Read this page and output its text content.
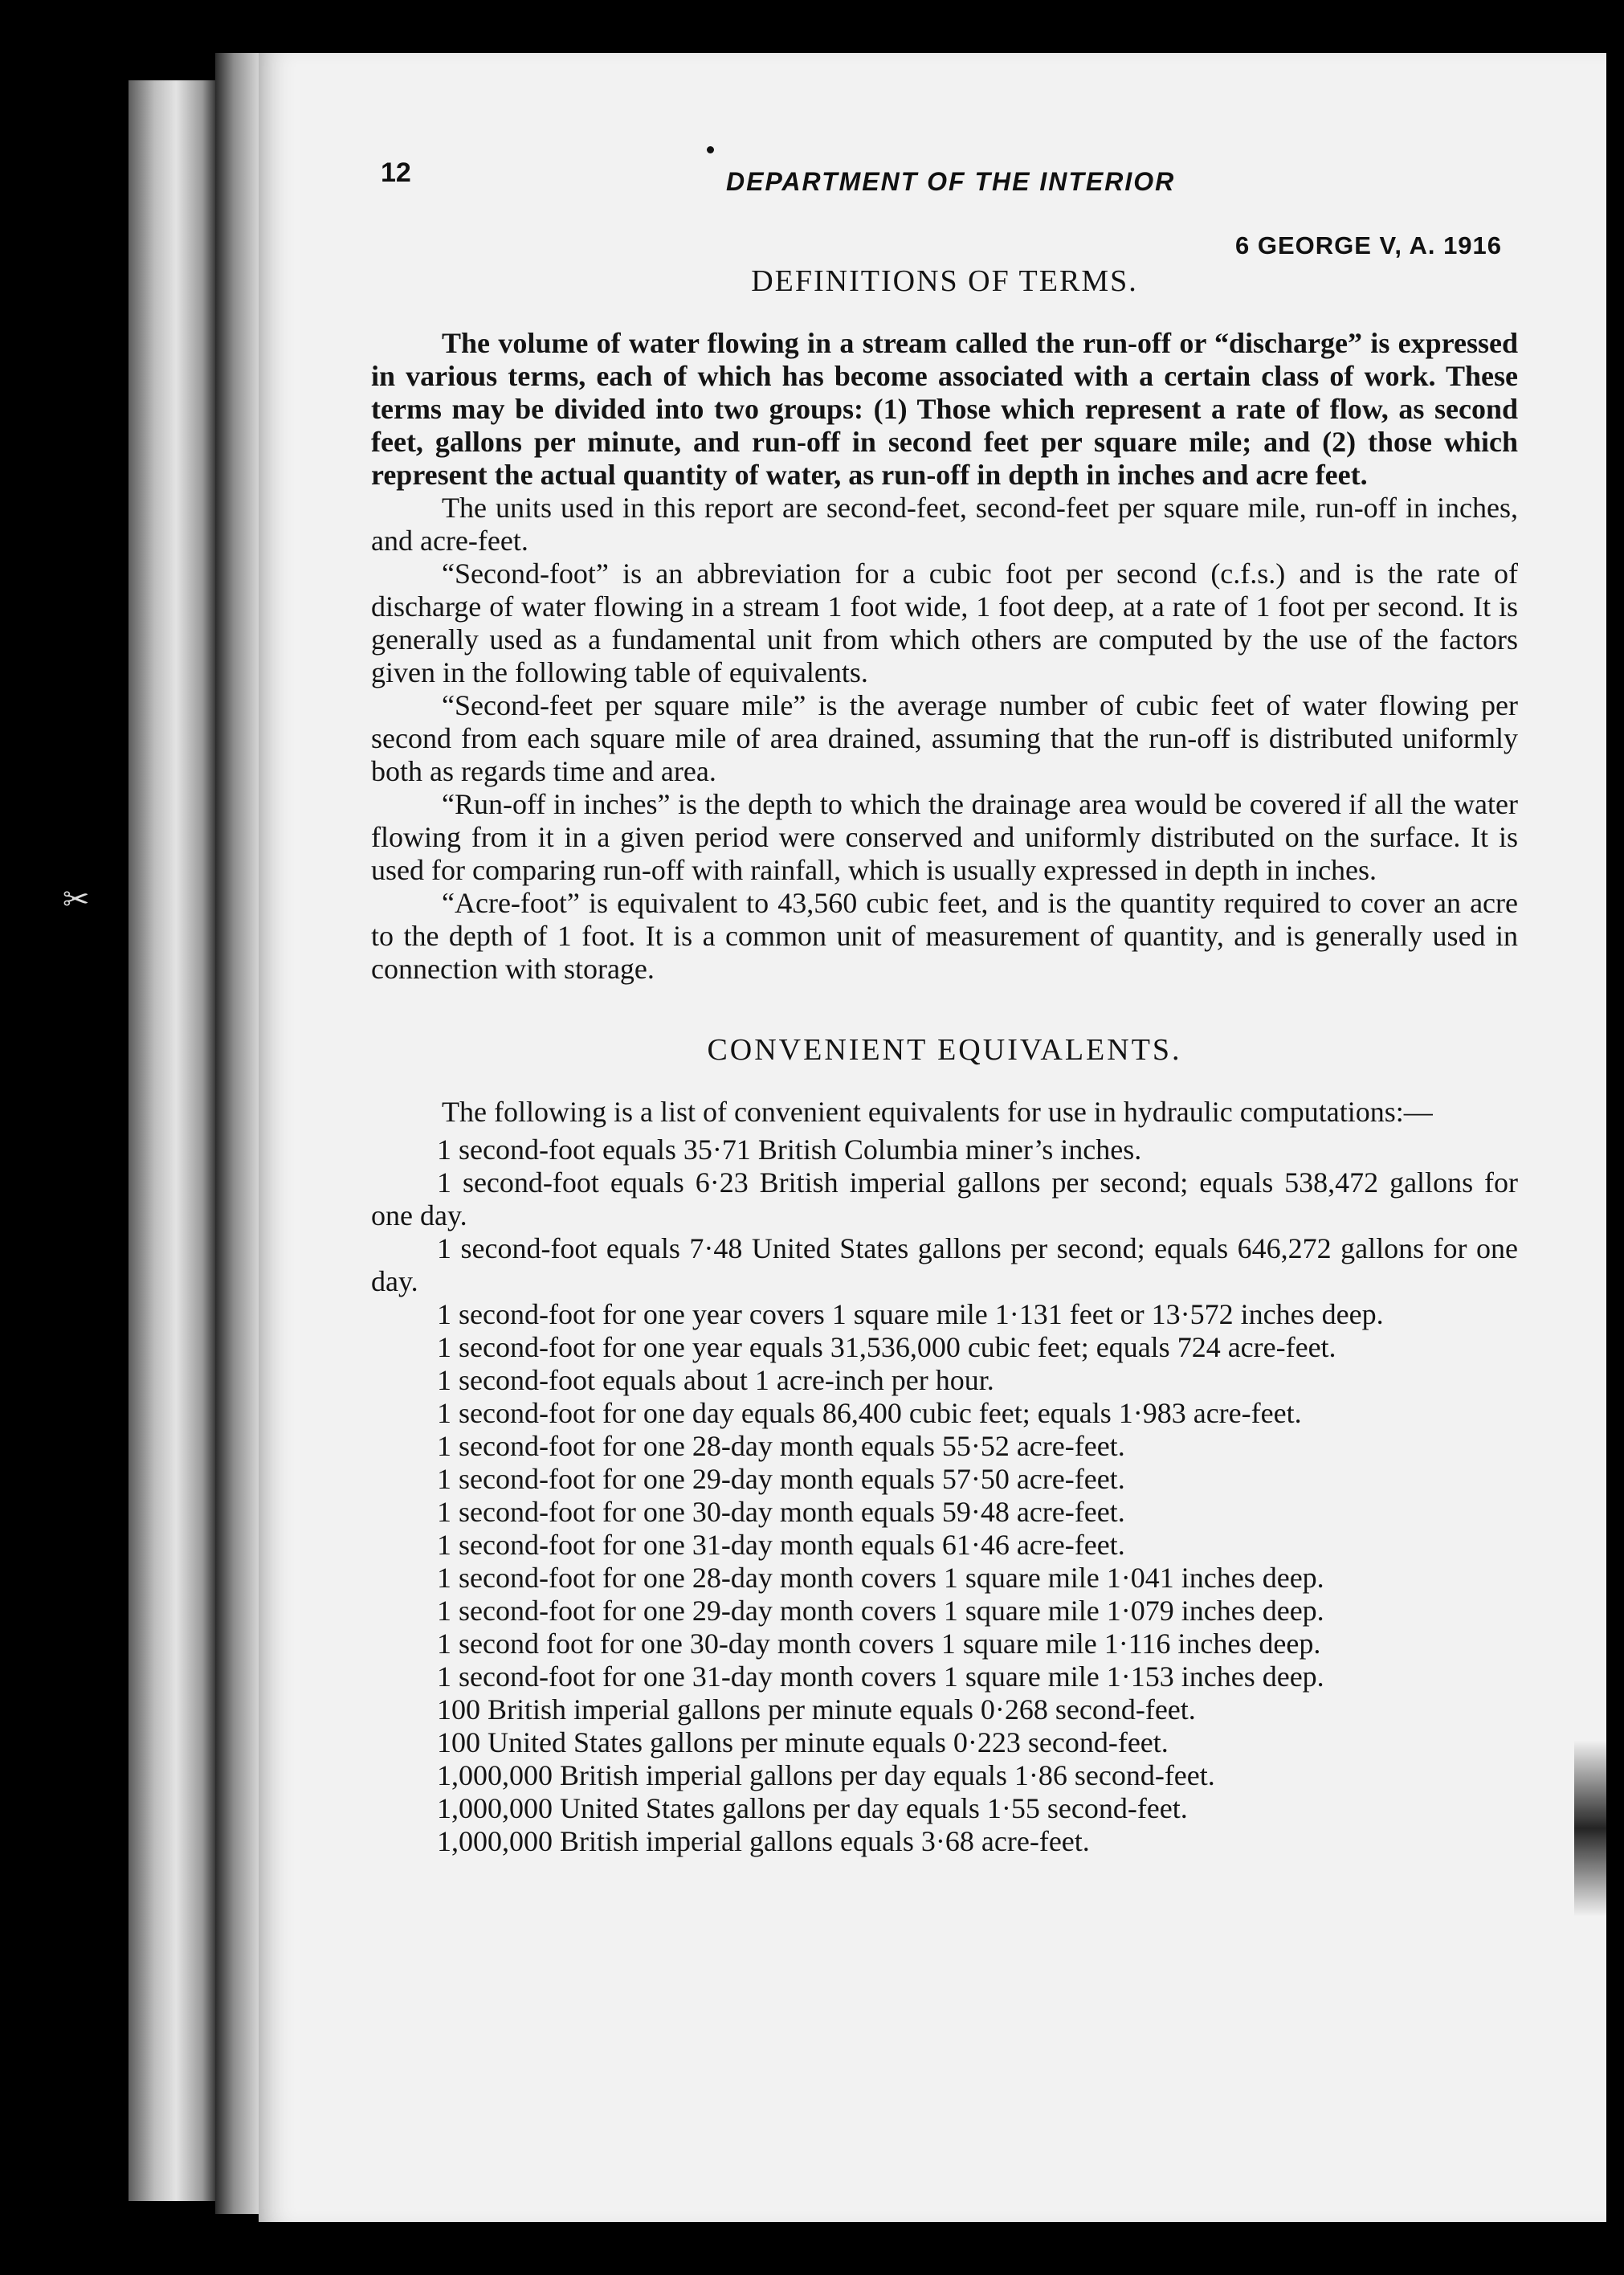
✂
12	DEPARTMENT OF THE INTERIOR
6 GEORGE V, A. 1916
DEFINITIONS OF TERMS.

The volume of water flowing in a stream called the run-off or “discharge” is expressed in various terms, each of which has become associated with a certain class of work. These terms may be divided into two groups: (1) Those which represent a rate of flow, as second feet, gallons per minute, and run-off in second feet per square mile; and (2) those which represent the actual quantity of water, as run-off in depth in inches and acre feet.

The units used in this report are second-feet, second-feet per square mile, run-off in inches, and acre-feet.

“Second-foot” is an abbreviation for a cubic foot per second (c.f.s.) and is the rate of discharge of water flowing in a stream 1 foot wide, 1 foot deep, at a rate of 1 foot per second. It is generally used as a fundamental unit from which others are computed by the use of the factors given in the following table of equivalents.

“Second-feet per square mile” is the average number of cubic feet of water flowing per second from each square mile of area drained, assuming that the run-off is distributed uniformly both as regards time and area.

“Run-off in inches” is the depth to which the drainage area would be covered if all the water flowing from it in a given period were conserved and uniformly distributed on the surface. It is used for comparing run-off with rainfall, which is usually expressed in depth in inches.

“Acre-foot” is equivalent to 43,560 cubic feet, and is the quantity required to cover an acre to the depth of 1 foot. It is a common unit of measurement of quantity, and is generally used in connection with storage.

CONVENIENT EQUIVALENTS.

The following is a list of convenient equivalents for use in hydraulic computations:—

1 second-foot equals 35·71 British Columbia miner’s inches.

1 second-foot equals 6·23 British imperial gallons per second; equals 538,472 gallons for one day.

1 second-foot equals 7·48 United States gallons per second; equals 646,272 gallons for one day.

1 second-foot for one year covers 1 square mile 1·131 feet or 13·572 inches deep.

1 second-foot for one year equals 31,536,000 cubic feet; equals 724 acre-feet.

1 second-foot equals about 1 acre-inch per hour.

1 second-foot for one day equals 86,400 cubic feet; equals 1·983 acre-feet.

1 second-foot for one 28-day month equals 55·52 acre-feet.

1 second-foot for one 29-day month equals 57·50 acre-feet.

1 second-foot for one 30-day month equals 59·48 acre-feet.

1 second-foot for one 31-day month equals 61·46 acre-feet.

1 second-foot for one 28-day month covers 1 square mile 1·041 inches deep.

1 second-foot for one 29-day month covers 1 square mile 1·079 inches deep.

1 second foot for one 30-day month covers 1 square mile 1·116 inches deep.

1 second-foot for one 31-day month covers 1 square mile 1·153 inches deep.

100 British imperial gallons per minute equals 0·268 second-feet.

100 United States gallons per minute equals 0·223 second-feet.

1,000,000 British imperial gallons per day equals 1·86 second-feet.

1,000,000 United States gallons per day equals 1·55 second-feet.

1,000,000 British imperial gallons equals 3·68 acre-feet.
